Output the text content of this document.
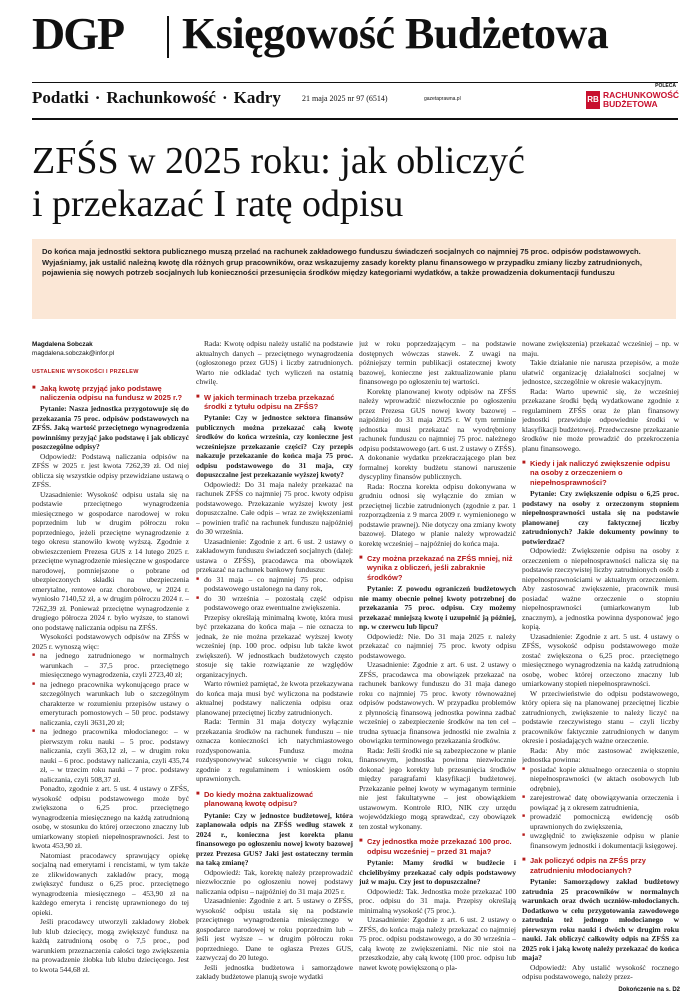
DGP Księgowość Budżetowa
Podatki · Rachunkowość · Kadry	21 maja 2025 nr 97 (6514)	gazetaprawna.pl
POLECA
RB RACHUNKOWOŚĆ
BUDŻETOWA
ZFŚS w 2025 roku: jak obliczyć
i przekazać I ratę odpisu
Do końca maja jednostki sektora publicznego muszą przelać na rachunek zakładowego funduszu świadczeń socjalnych co najmniej 75 proc. odpisów podstawowych. Wyjaśniamy, jak ustalić należną kwotę dla różnych grup pracowników, oraz wskazujemy zasady korekty planu finansowego w przypadku zmiany liczby zatrudnionych, pojawienia się nowych potrzeb socjalnych lub konieczności przesunięcia środków między kategoriami wydatków, a także prowadzenia dokumentacji funduszu
Magdalena Sobczak
magdalena.sobczak@infor.pl
USTALENIE WYSOKOŚCI I PRZELEW
■ Jaką kwotę przyjąć jako podstawę naliczenia odpisu na fundusz w 2025 r.?

Pytanie: Nasza jednostka przygotowuje się do przekazania 75 proc. odpisów podstawowych na ZFŚS. Jaką wartość przeciętnego wynagrodzenia powinniśmy przyjąć jako podstawę i jak obliczyć poszczególne odpisy?

Odpowiedź: Podstawą naliczania odpisów na ZFŚS w 2025 r. jest kwota 7262,39 zł. Od niej oblicza się wszystkie odpisy przewidziane ustawą o ZFŚS.

Uzasadnienie: Wysokość odpisu ustala się na podstawie przeciętnego wynagrodzenia miesięcznego w gospodarce narodowej w roku poprzednim lub w drugim półroczu roku poprzedniego, jeżeli przeciętne wynagrodzenie z tego okresu stanowiło kwotę wyższą. Zgodnie z obwieszczeniem Prezesa GUS z 14 lutego 2025 r. przeciętne wynagrodzenie miesięczne w gospodarce narodowej, pomniejszone o pobrane od ubezpieczonych składki na ubezpieczenia emerytalne, rentowe oraz chorobowe, w 2024 r. wyniosło 7140,52 zł, a w drugim półroczu 2024 r. – 7262,39 zł. Ponieważ przeciętne wynagrodzenie z drugiego półrocza 2024 r. było wyższe, to stanowi ono podstawę naliczania odpisu na ZFŚS.

Wysokości podstawowych odpisów na ZFŚS w 2025 r. wynoszą więc:

■ na jednego zatrudnionego w normalnych warunkach – 37,5 proc. przeciętnego miesięcznego wynagrodzenia, czyli 2723,40 zł;

■ na jednego pracownika wykonującego prace w szczególnych warunkach lub o szczególnym charakterze w rozumieniu przepisów ustawy o emeryturach pomostowych – 50 proc. podstawy naliczania, czyli 3631,20 zł;

■ na jednego pracownika młodocianego: – w pierwszym roku nauki – 5 proc. podstawy naliczania, czyli 363,12 zł, – w drugim roku nauki – 6 proc. podstawy naliczania, czyli 435,74 zł, – w trzecim roku nauki – 7 proc. podstawy naliczania, czyli 508,37 zł.

Ponadto, zgodnie z art. 5 ust. 4 ustawy o ZFŚS, wysokość odpisu podstawowego może być zwiększona o 6,25 proc. przeciętnego wynagrodzenia miesięcznego na każdą zatrudnioną osobę, w stosunku do której orzeczono znaczny lub umiarkowany stopień niepełnosprawności. Jest to kwota 453,90 zł.

Natomiast pracodawcy sprawujący opiekę socjalną nad emerytami i rencistami, w tym także ze zlikwidowanych zakładów pracy, mogą zwiększyć fundusz o 6,25 proc. przeciętnego wynagrodzenia miesięcznego – 453,90 zł na każdego emeryta i rencistę uprawnionego do tej opieki.

Jeśli pracodawcy utworzyli zakładowy żłobek lub klub dziecięcy, mogą zwiększyć fundusz na każdą zatrudnioną osobę o 7,5 proc., pod warunkiem przeznaczenia całości tego zwiększenia na prowadzenie żłobka lub klubu dziecięcego. Jest to kwota 544,68 zł.

Rada: Kwotę odpisu należy ustalić na podstawie aktualnych danych – przeciętnego wynagrodzenia (ogłoszonego przez GUS) i liczby zatrudnionych. Warto nie odkładać tych wyliczeń na ostatnią chwilę.

■ W jakich terminach trzeba przekazać środki z tytułu odpisu na ZFŚS?

Pytanie: Czy w jednostce sektora finansów publicznych można przekazać całą kwotę środków do końca września, czy konieczne jest wcześniejsze przekazanie części? Czy przepis nakazuje przekazanie do końca maja 75 proc. odpisu podstawowego do 31 maja, czy dopuszczalne jest przekazanie wyższej kwoty?

Odpowiedź: Do 31 maja należy przekazać na rachunek ZFŚS co najmniej 75 proc. kwoty odpisu podstawowego. Przekazanie wyższej kwoty jest dopuszczalne. Całe odpis – wraz ze zwiększeniami – powinien trafić na rachunek funduszu najpóźniej do 30 września.

Uzasadnienie: Zgodnie z art. 6 ust. 2 ustawy o zakładowym funduszu świadczeń socjalnych (dalej: ustawa o ZFŚS), pracodawca ma obowiązek przekazać na rachunek bankowy funduszu:

■ do 31 maja – co najmniej 75 proc. odpisu podstawowego ustalonego na dany rok,

■ do 30 września – pozostałą część odpisu podstawowego oraz ewentualne zwiększenia.

Przepisy określają minimalną kwotę, która musi być przekazana do końca maja – nie oznacza to jednak, że nie można przekazać wyższej kwoty wcześniej (np. 100 proc. odpisu lub także kwot zwiększeń). W jednostkach budżetowych często stosuje się takie rozwiązanie ze względów organizacyjnych.

Warto również pamiętać, że kwota przekazywana do końca maja musi być wyliczona na podstawie aktualnej podstawy naliczenia odpisu oraz planowanej przeciętnej liczby zatrudnionych.

Rada: Termin 31 maja dotyczy wyłącznie przekazania środków na rachunek funduszu – nie oznacza konieczności ich natychmiastowego rozdysponowania. Fundusz można rozdysponowywać sukcesywnie w ciągu roku, zgodnie z regulaminem i wnioskiem osób uprawnionych.

■ Do kiedy można zaktualizować planowaną kwotę odpisu?

Pytanie: Czy w jednostce budżetowej, która zaplanowała odpis na ZFŚS według stawek z 2024 r., konieczna jest korekta planu finansowego po ogłoszeniu nowej kwoty bazowej przez Prezesa GUS? Jaki jest ostateczny termin na taką zmianę?

Odpowiedź: Tak, korektę należy przeprowadzić niezwłocznie po ogłoszeniu nowej podstawy naliczania odpisu – najpóźniej do 31 maja 2025 r.

Uzasadnienie: Zgodnie z art. 5 ustawy o ZFŚS, wysokość odpisu ustala się na podstawie przeciętnego wynagrodzenia miesięcznego w gospodarce narodowej w roku poprzednim lub – jeśli jest wyższe – w drugim półroczu roku poprzedniego. Dane te ogłasza Prezes GUS, zazwyczaj do 20 lutego.

Jeśli jednostka budżetowa i samorządowe zakłady budżetowe planują swoje wydatki

już w roku poprzedzającym – na podstawie dostępnych wówczas stawek. Z uwagi na późniejszy termin publikacji ostatecznej kwoty bazowej, konieczne jest zaktualizowanie planu finansowego po ogłoszeniu tej wartości.

Korektę planowanej kwoty odpisów na ZFŚS należy wprowadzić niezwłocznie po ogłoszeniu przez Prezesa GUS nowej kwoty bazowej – najpóźniej do 31 maja 2025 r. W tym terminie jednostka musi przekazać na wyodrębniony rachunek funduszu co najmniej 75 proc. należnego odpisu podstawowego (art. 6 ust. 2 ustawy o ZFŚS). A dokonanie wydatku przekraczającego plan bez formalnej korekty budżetu stanowi naruszenie dyscypliny finansów publicznych.

Rada: Roczna korekta odpisu dokonywana w grudniu odnosi się wyłącznie do zmian w przeciętnej liczbie zatrudnionych (zgodnie z par. 1 rozporządzenia z 9 marca 2009 r. wymienionego w podstawie prawnej). Nie dotyczy ona zmiany kwoty bazowej. Dlatego w planie należy wprowadzić korektę wcześniej – najpóźniej do końca maja.

■ Czy można przekazać na ZFŚS mniej, niż wynika z obliczeń, jeśli zabraknie środków?

Pytanie: Z powodu ograniczeń budżetowych nie mamy obecnie pełnej kwoty potrzebnej do przekazania 75 proc. odpisu. Czy możemy przekazać mniejszą kwotę i uzupełnić ją później, np. w czerwcu lub lipcu?

Odpowiedź: Nie. Do 31 maja 2025 r. należy przekazać co najmniej 75 proc. kwoty odpisu podstawowego.

Uzasadnienie: Zgodnie z art. 6 ust. 2 ustawy o ZFŚS, pracodawca ma obowiązek przekazać na rachunek bankowy funduszu do 31 maja danego roku co najmniej 75 proc. kwoty równoważnej odpisów podstawowych. W przypadku problemów z płynnością finansową jednostka powinna zadbać wcześniej o zabezpieczenie środków na ten cel – trudna sytuacja finansowa jednostki nie zwalnia z obowiązku terminowego przekazania środków.

Rada: Jeśli środki nie są zabezpieczone w planie finansowym, jednostka powinna niezwłocznie dokonać jego korekty lub przesunięcia środków między paragrafami klasyfikacji budżetowej. Przekazanie pełnej kwoty w wymaganym terminie nie jest fakultatywne – jest obowiązkiem ustawowym. Kontrole RIO, NIK czy urzędu wojewódzkiego mogą sprawdzać, czy obowiązek ten został wykonany.

■ Czy jednostka może przekazać 100 proc. odpisu wcześniej – przed 31 maja?

Pytanie: Mamy środki w budżecie i chcielibyśmy przekazać cały odpis podstawowy już w maju. Czy jest to dopuszczalne?

Odpowiedź: Tak. Jednostka może przekazać 100 proc. odpisu do 31 maja. Przepisy określają minimalną wysokość (75 proc.).

Uzasadnienie: Zgodnie z art. 6 ust. 2 ustawy o ZFŚS, do końca maja należy przekazać co najmniej 75 proc. odpisu podstawowego, a do 30 września – całą kwotę ze zwiększeniami. Nic nie stoi na przeszkodzie, aby całą kwotę (100 proc. odpisu lub nawet kwotę powiększoną o pla-

nowane zwiększenia) przekazać wcześniej – np. w maju.

Takie działanie nie narusza przepisów, a może ułatwić organizację działalności socjalnej w jednostce, szczególnie w okresie wakacyjnym.

Rada: Warto upewnić się, że wcześniej przekazane środki będą wydatkowane zgodnie z regulaminem ZFŚS oraz że plan finansowy jednostki przewiduje odpowiednie środki w klasyfikacji budżetowej. Przedwczesne przekazanie środków nie może prowadzić do przekroczenia planu finansowego.

■ Kiedy i jak naliczyć zwiększenie odpisu na osoby z orzeczeniem o niepełnosprawności?

Pytanie: Czy zwiększenie odpisu o 6,25 proc. podstawy na osoby z orzeczonym stopniem niepełnosprawności ustala się na podstawie planowanej czy faktycznej liczby zatrudnionych? Jakie dokumenty powinny to potwierdzać?

Odpowiedź: Zwiększenie odpisu na osoby z orzeczeniem o niepełnosprawności nalicza się na podstawie rzeczywistej liczby zatrudnionych osób z niepełnosprawnościami w aktualnym orzeczeniem. Aby zastosować zwiększenie, pracownik musi posiadać ważne orzeczenie o stopniu niepełnosprawności (umiarkowanym lub znacznym), a jednostka powinna dysponować jego kopią.

Uzasadnienie: Zgodnie z art. 5 ust. 4 ustawy o ZFŚS, wysokość odpisu podstawowego może zostać zwiększona o 6,25 proc. przeciętnego miesięcznego wynagrodzenia na każdą zatrudnioną osobę, wobec której orzeczono znaczny lub umiarkowany stopień niepełnosprawności.

W przeciwieństwie do odpisu podstawowego, który opiera się na planowanej przeciętnej liczbie zatrudnionych, zwiększenie to należy liczyć na podstawie rzeczywistego stanu – czyli liczby pracowników faktycznie zatrudnionych w danym okresie i posiadających ważne orzeczenie.

Rada: Aby móc zastosować zwiększenie, jednostka powinna:

■ posiadać kopie aktualnego orzeczenia o stopniu niepełnosprawności (w aktach osobowych lub odrębnie),

■ zarejestrować datę obowiązywania orzeczenia i powiązać ją z okresem zatrudnienia,

■ prowadzić pomocniczą ewidencję osób uprawnionych do zwiększenia,

■ uwzględnić to zwiększenie odpisu w planie finansowym jednostki i dokumentacji księgowej.

■ Jak policzyć odpis na ZFŚS przy zatrudnieniu młodocianych?

Pytanie: Samorządowy zakład budżetowy zatrudnia 25 pracowników w normalnych warunkach oraz dwóch uczniów-młodocianych. Dodatkowo w celu przygotowania zawodowego zatrudnia też jednego młodocianego w pierwszym roku nauki i dwóch w drugim roku nauki. Jak obliczyć całkowity odpis na ZFŚS za 2025 rok i jaką kwotę należy przekazać do końca maja?

Odpowiedź: Aby ustalić wysokość rocznego odpisu podstawowego, należy przez-

Dokończenie na s. D2
